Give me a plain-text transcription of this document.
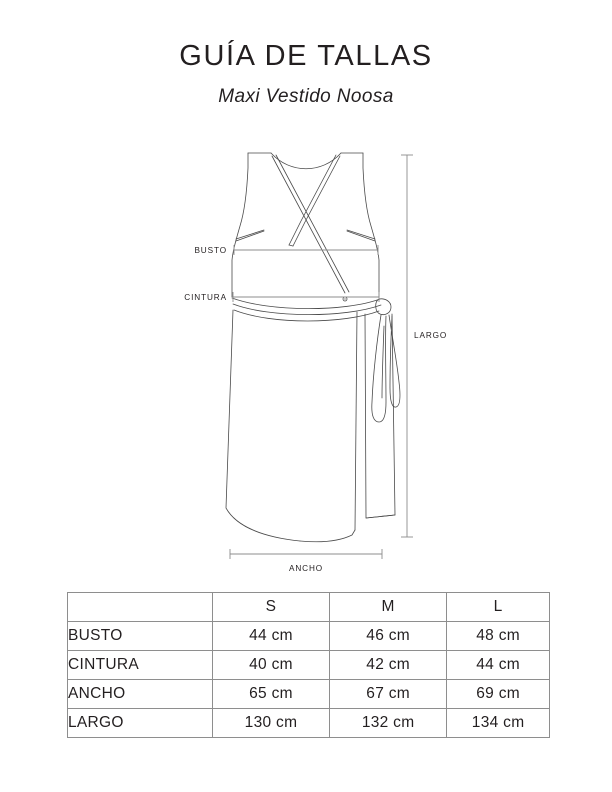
GUÍA DE TALLAS
Maxi Vestido Noosa
BUSTO
CINTURA
LARGO
ANCHO
	S	M	L
BUSTO	44 cm	46 cm	48 cm
CINTURA	40 cm	42 cm	44 cm
ANCHO	65 cm	67 cm	69 cm
LARGO	130 cm	132 cm	134 cm
